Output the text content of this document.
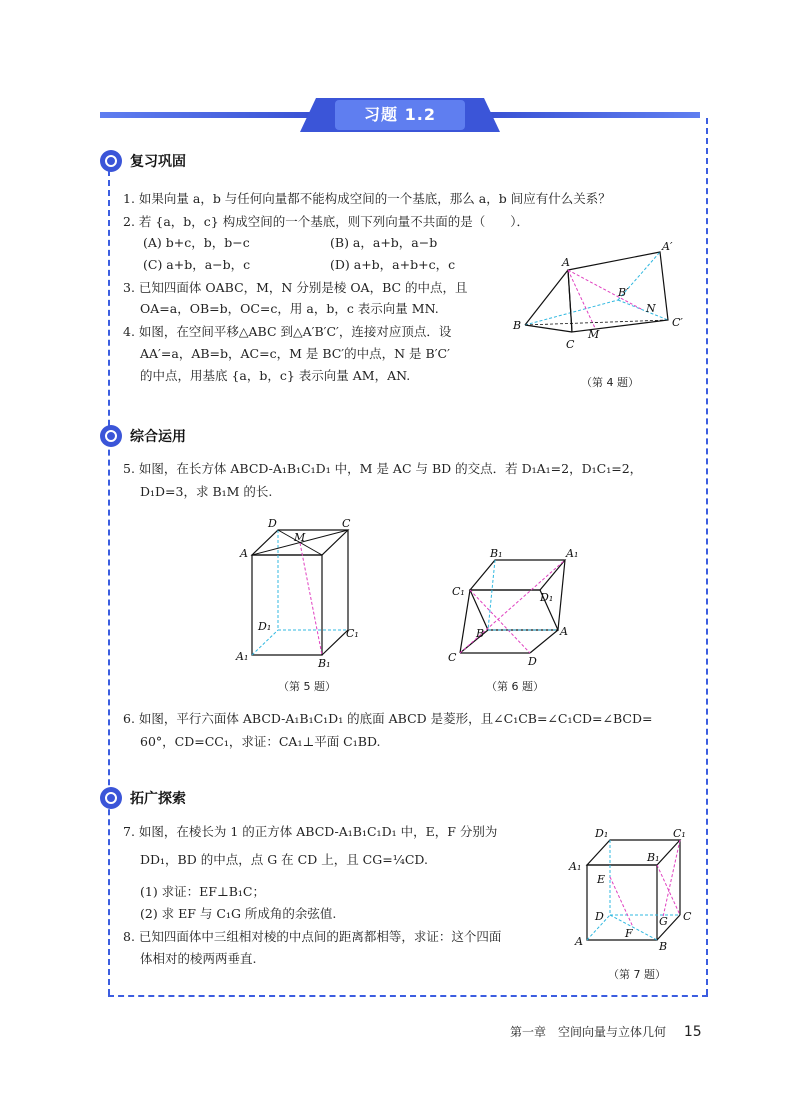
习题 1.2
复习巩固
1. 如果向量 a，b 与任何向量都不能构成空间的一个基底，那么 a，b 间应有什么关系？
2. 若 {a，b，c} 构成空间的一个基底，则下列向量不共面的是（　　）．
(A) b+c，b，b−c	(B) a，a+b，a−b
(C) a+b，a−b，c	(D) a+b，a+b+c，c
3. 已知四面体 OABC，M，N 分别是棱 OA，BC 的中点，且
OA=a，OB=b，OC=c，用 a，b，c 表示向量 MN.
4. 如图，在空间平移△ABC 到△A′B′C′，连接对应顶点．设
AA′=a，AB=b，AC=c，M 是 BC′的中点，N 是 B′C′
的中点，用基底 {a，b，c} 表示向量 AM，AN.
A
A′
B
B′
C
C′
M
N
（第 4 题）
综合运用
5. 如图，在长方体 ABCD-A₁B₁C₁D₁ 中，M 是 AC 与 BD 的交点．若 D₁A₁=2，D₁C₁=2，
D₁D=3，求 B₁M 的长.
D	C
A
M
D₁
C₁
A₁
B₁
（第 5 题）
B₁	A₁
C₁	D₁
B	A
C	D
（第 6 题）
6. 如图，平行六面体 ABCD-A₁B₁C₁D₁ 的底面 ABCD 是菱形，且∠C₁CB=∠C₁CD=∠BCD=
60°，CD=CC₁，求证：CA₁⊥平面 C₁BD.
拓广探索
7. 如图，在棱长为 1 的正方体 ABCD-A₁B₁C₁D₁ 中，E，F 分别为
DD₁，BD 的中点，点 G 在 CD 上，且 CG=¼CD.
(1) 求证：EF⊥B₁C；
(2) 求 EF 与 C₁G 所成角的余弦值.
8. 已知四面体中三组相对棱的中点间的距离都相等，求证：这个四面
体相对的棱两两垂直.
D₁	C₁
A₁
B₁
E
D	C
G
A
F
B
（第 7 题）
第一章　空间向量与立体几何 15
